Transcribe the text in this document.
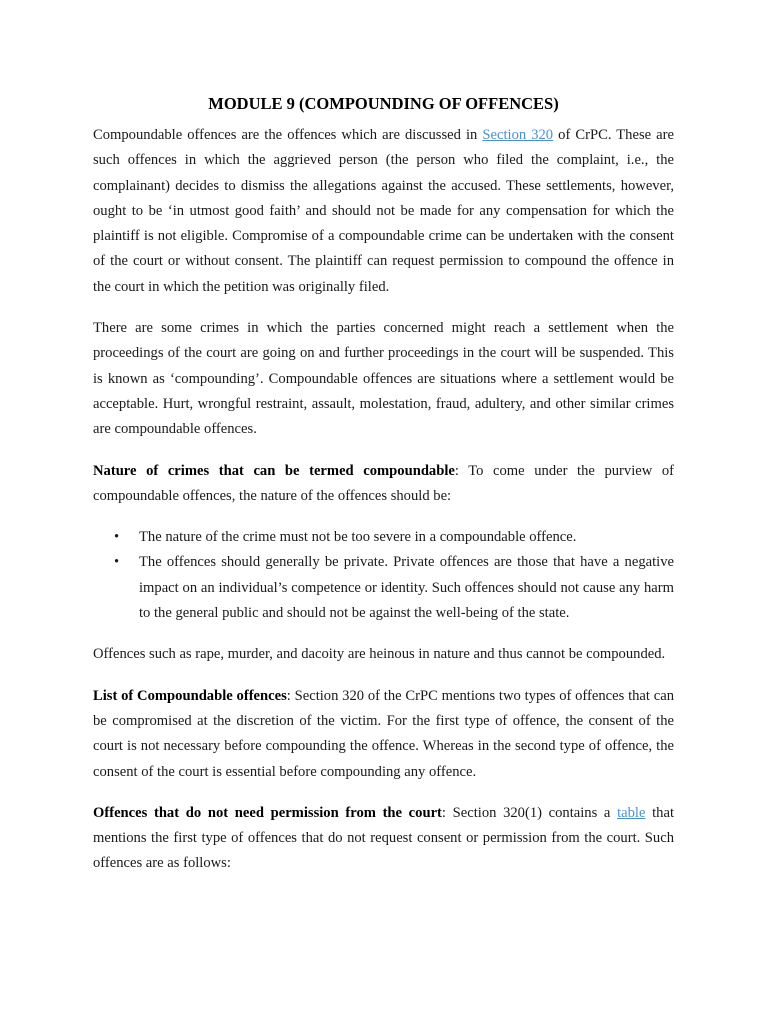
MODULE 9 (COMPOUNDING OF OFFENCES)

Compoundable offences are the offences which are discussed in Section 320 of CrPC. These are such offences in which the aggrieved person (the person who filed the complaint, i.e., the complainant) decides to dismiss the allegations against the accused. These settlements, however, ought to be ‘in utmost good faith’ and should not be made for any compensation for which the plaintiff is not eligible. Compromise of a compoundable crime can be undertaken with the consent of the court or without consent. The plaintiff can request permission to compound the offence in the court in which the petition was originally filed.

There are some crimes in which the parties concerned might reach a settlement when the proceedings of the court are going on and further proceedings in the court will be suspended. This is known as ‘compounding’. Compoundable offences are situations where a settlement would be acceptable. Hurt, wrongful restraint, assault, molestation, fraud, adultery, and other similar crimes are compoundable offences.

Nature of crimes that can be termed compoundable: To come under the purview of compoundable offences, the nature of the offences should be:

• The nature of the crime must not be too severe in a compoundable offence.
• The offences should generally be private. Private offences are those that have a negative impact on an individual’s competence or identity. Such offences should not cause any harm to the general public and should not be against the well-being of the state.

Offences such as rape, murder, and dacoity are heinous in nature and thus cannot be compounded.

List of Compoundable offences: Section 320 of the CrPC mentions two types of offences that can be compromised at the discretion of the victim. For the first type of offence, the consent of the court is not necessary before compounding the offence. Whereas in the second type of offence, the consent of the court is essential before compounding any offence.

Offences that do not need permission from the court: Section 320(1) contains a table that mentions the first type of offences that do not request consent or permission from the court. Such offences are as follows:
